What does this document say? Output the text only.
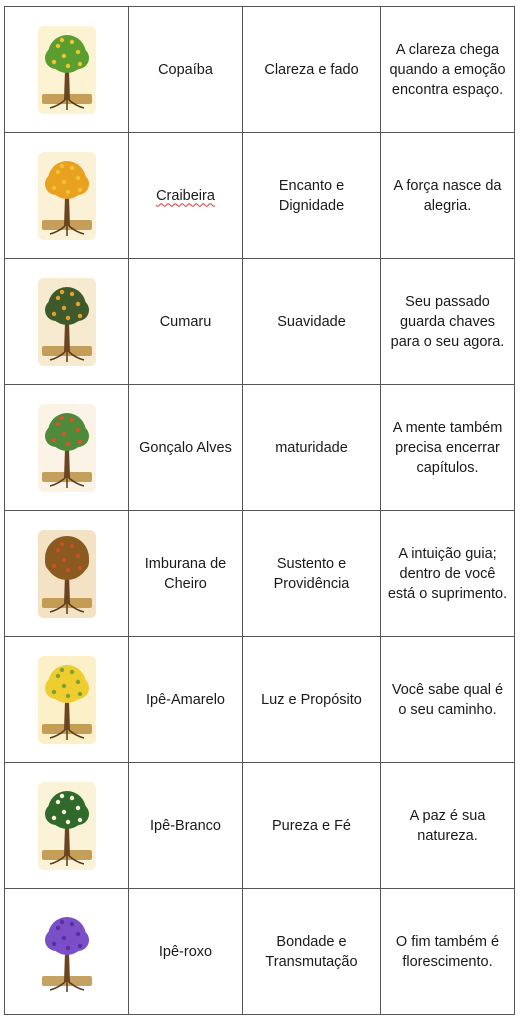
	Copaíba	Clareza e fado	A clareza chega quando a emoção encontra espaço.

	Craibeira	Encanto e Dignidade	A força nasce da alegria.

	Cumaru	Suavidade	Seu passado guarda chaves para o seu agora.

	Gonçalo Alves	maturidade	A mente também precisa encerrar capítulos.

	Imburana de Cheiro	Sustento e Providência	A intuição guia; dentro de você está o suprimento.

	Ipê-Amarelo	Luz e Propósito	Você sabe qual é o seu caminho.

	Ipê-Branco	Pureza e Fé	A paz é sua natureza.

	Ipê-roxo	Bondade e Transmutação	O fim também é florescimento.
